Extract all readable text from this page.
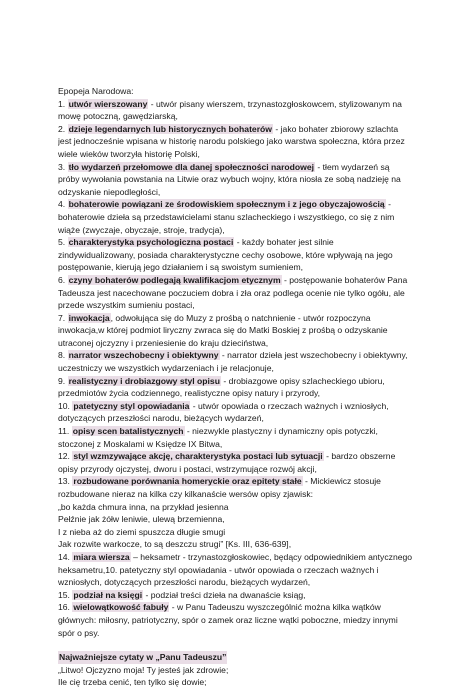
Epopeja Narodowa:
1. utwór wierszowany - utwór pisany wierszem, trzynastozgłoskowcem, stylizowanym na
mowę potoczną, gawędziarską,
2. dzieje legendarnych lub historycznych bohaterów - jako bohater zbiorowy szlachta
jest jednocześnie wpisana w historię narodu polskiego jako warstwa społeczna, która przez
wiele wieków tworzyła historię Polski,
3. tło wydarzeń przełomowe dla danej społeczności narodowej - tłem wydarzeń są
próby wywołania powstania na Litwie oraz wybuch wojny, która niosła ze sobą nadzieję na
odzyskanie niepodległości,
4. bohaterowie powiązani ze środowiskiem społecznym i z jego obyczajowością -
bohaterowie dzieła są przedstawicielami stanu szlacheckiego i wszystkiego, co się z nim
wiąże (zwyczaje, obyczaje, stroje, tradycja),
5. charakterystyka psychologiczna postaci - każdy bohater jest silnie
zindywidualizowany, posiada charakterystyczne cechy osobowe, które wpływają na jego
postępowanie, kierują jego działaniem i są swoistym sumieniem,
6. czyny bohaterów podlegają kwalifikacjom etycznym - postępowanie bohaterów Pana
Tadeusza jest nacechowane poczuciem dobra i zła oraz podlega ocenie nie tylko ogółu, ale
przede wszystkim sumieniu postaci,
7. inwokacja, odwołująca się do Muzy z prośbą o natchnienie - utwór rozpoczyna
inwokacja,w której podmiot liryczny zwraca się do Matki Boskiej z prośbą o odzyskanie
utraconej ojczyzny i przeniesienie do kraju dzieciństwa,
8. narrator wszechobecny i obiektywny - narrator dzieła jest wszechobecny i obiektywny,
uczestniczy we wszystkich wydarzeniach i je relacjonuje,
9. realistyczny i drobiazgowy styl opisu - drobiazgowe opisy szlacheckiego ubioru,
przedmiotów życia codziennego, realistyczne opisy natury i przyrody,
10. patetyczny styl opowiadania - utwór opowiada o rzeczach ważnych i wzniosłych,
dotyczących przeszłości narodu, bieżących wydarzeń,
11. opisy scen batalistycznych - niezwykle plastyczny i dynamiczny opis potyczki,
stoczonej z Moskalami w Księdze IX Bitwa,
12. styl wzmzywające akcję, charakterystyka postaci lub sytuacji - bardzo obszerne
opisy przyrody ojczystej, dworu i postaci, wstrzymujące rozwój akcji,
13. rozbudowane porównania homeryckie oraz epitety stałe - Mickiewicz stosuje
rozbudowane nieraz na kilka czy kilkanaście wersów opisy zjawisk:
„bo każda chmura inna, na przykład jesienna
Pełźnie jak żółw leniwie, ulewą brzemienna,
I z nieba aż do ziemi spuszcza długie smugi
Jak rozwite warkocze, to są deszczu strugi” [Ks. III, 636-639],
14. miara wiersza – heksametr - trzynastozgłoskowiec, będący odpowiednikiem antycznego
heksametru,10. patetyczny styl opowiadania - utwór opowiada o rzeczach ważnych i
wzniosłych, dotyczących przeszłości narodu, bieżących wydarzeń,
15. podział na księgi - podział treści dzieła na dwanaście ksiąg,
16. wielowątkowość fabuły - w Panu Tadeuszu wyszczególnić można kilka wątków
głównych: miłosny, patriotyczny, spór o zamek oraz liczne wątki poboczne, miedzy innymi
spór o psy.
Najważniejsze cytaty w „Panu Tadeuszu”
„Litwo! Ojczyzno moja! Ty jesteś jak zdrowie;
Ile cię trzeba cenić, ten tylko się dowie;
